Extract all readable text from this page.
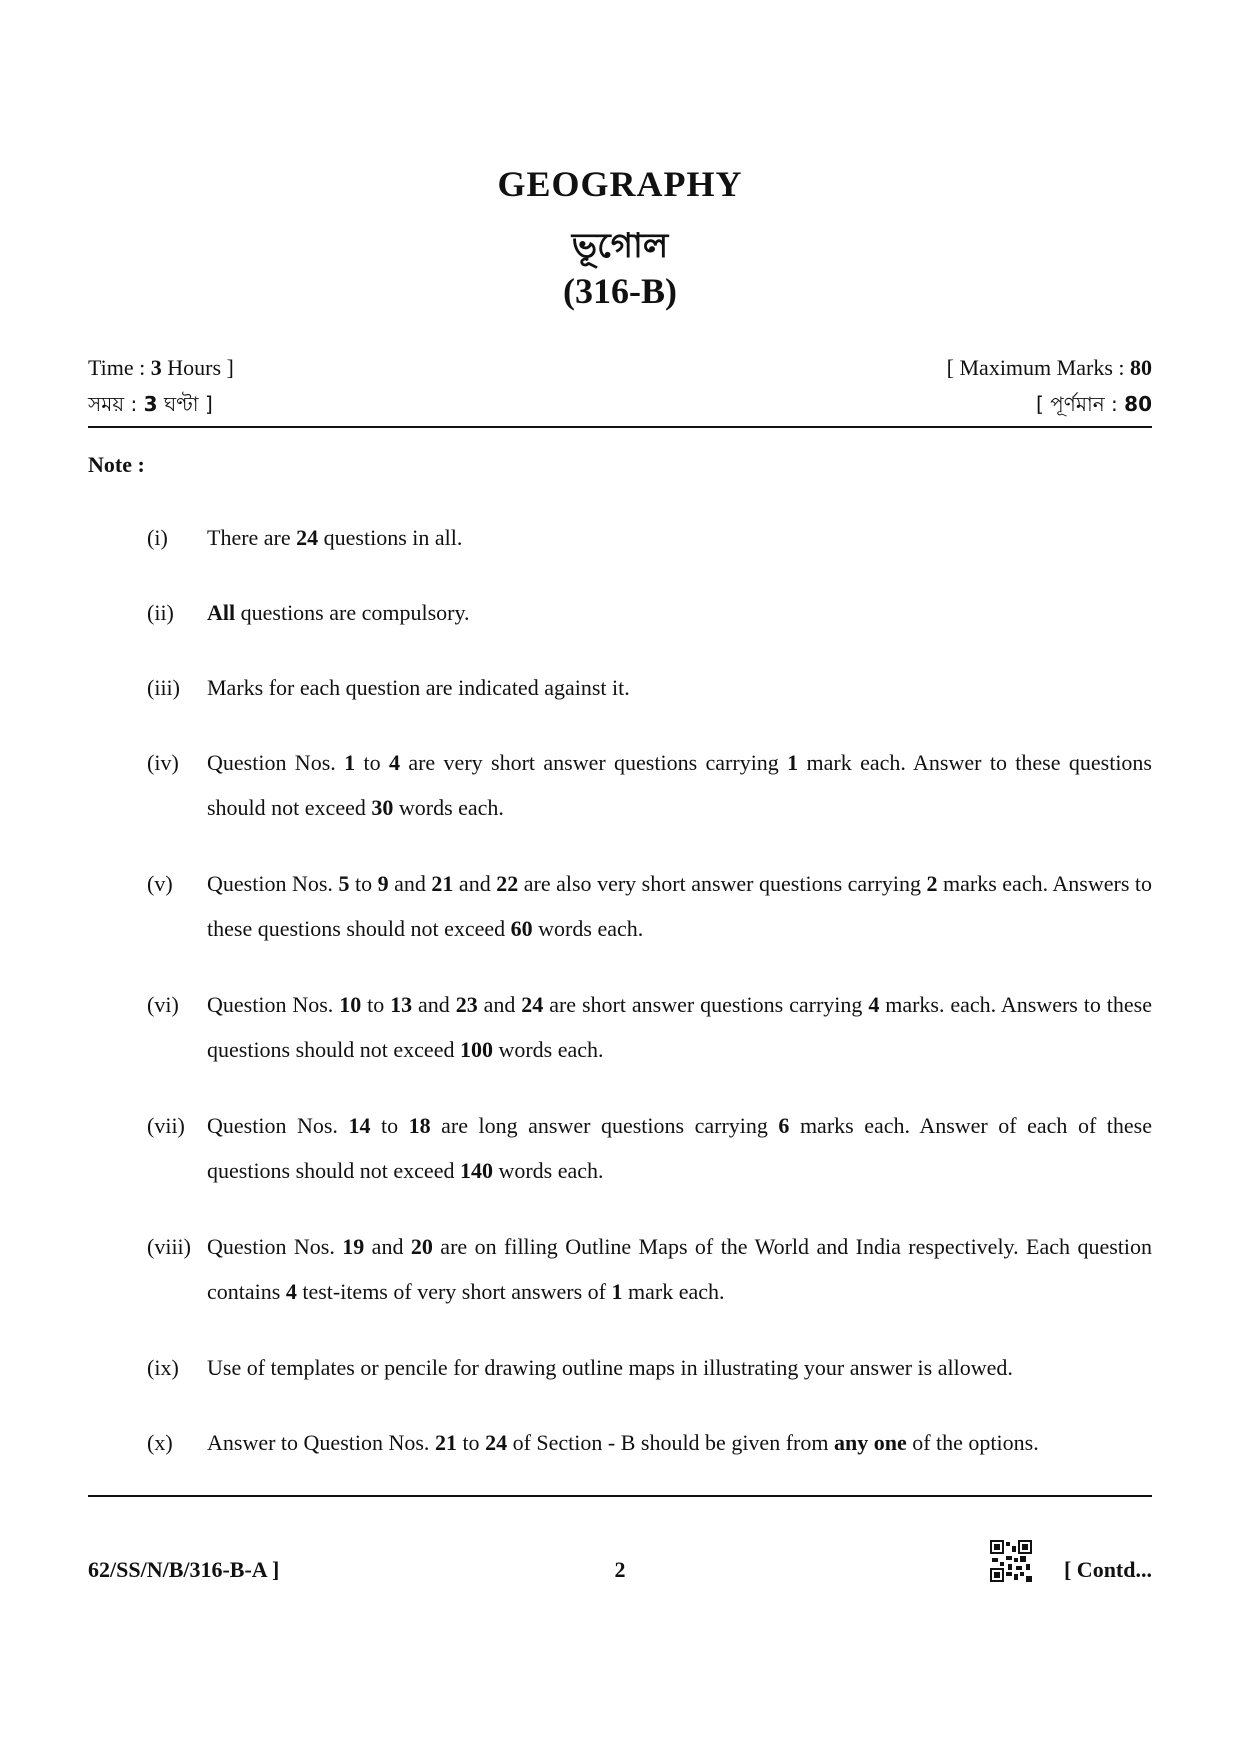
GEOGRAPHY
ভূগোল
(316-B)
Time : 3 Hours ]
সময় : 3 ঘণ্টা ]
[ Maximum Marks : 80
[ পূর্ণমান : 80
Note :
(i) There are 24 questions in all.
(ii) All questions are compulsory.
(iii) Marks for each question are indicated against it.
(iv) Question Nos. 1 to 4 are very short answer questions carrying 1 mark each. Answer to these questions should not exceed 30 words each.
(v) Question Nos. 5 to 9 and 21 and 22 are also very short answer questions carrying 2 marks each. Answers to these questions should not exceed 60 words each.
(vi) Question Nos. 10 to 13 and 23 and 24 are short answer questions carrying 4 marks. each. Answers to these questions should not exceed 100 words each.
(vii) Question Nos. 14 to 18 are long answer questions carrying 6 marks each. Answer of each of these questions should not exceed 140 words each.
(viii) Question Nos. 19 and 20 are on filling Outline Maps of the World and India respectively. Each question contains 4 test-items of very short answers of 1 mark each.
(ix) Use of templates or pencile for drawing outline maps in illustrating your answer is allowed.
(x) Answer to Question Nos. 21 to 24 of Section - B should be given from any one of the options.
62/SS/N/B/316-B-A ]	2	[ Contd...
